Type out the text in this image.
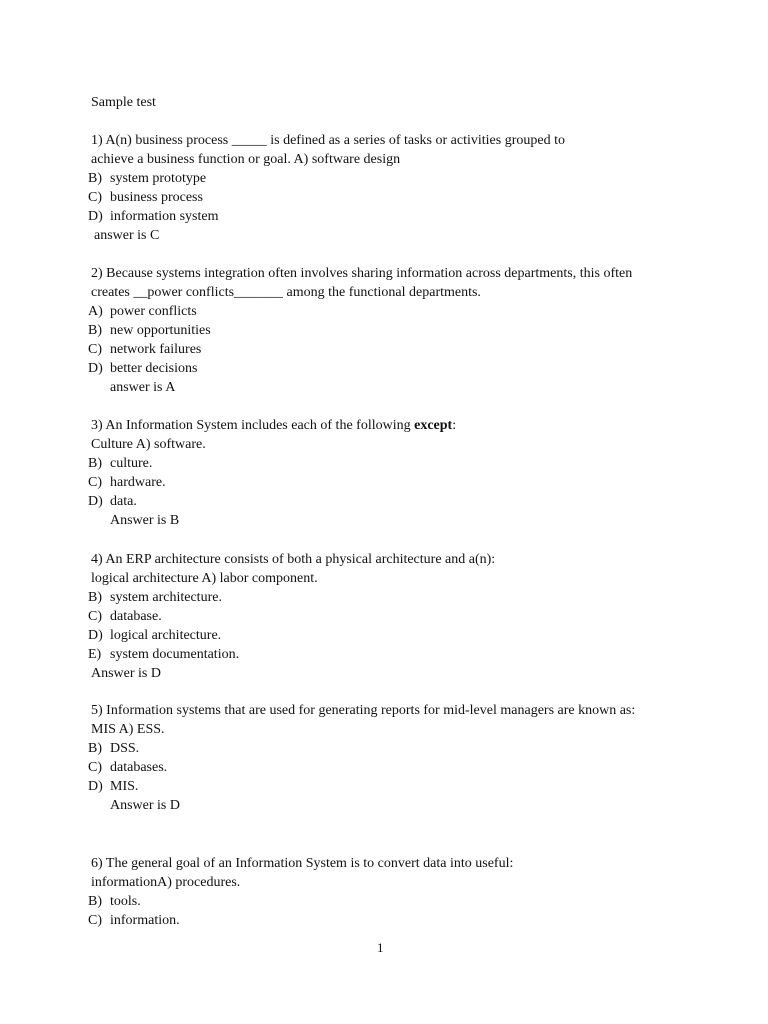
Sample test
1) A(n) business process _____ is defined as a series of tasks or activities grouped to
achieve a business function or goal. A) software design
B) system prototype
C) business process
D) information system
answer is C
2) Because systems integration often involves sharing information across departments, this often
creates __power conflicts_______ among the functional departments.
A) power conflicts
B) new opportunities
C) network failures
D) better decisions
answer is A
3) An Information System includes each of the following except:
Culture A) software.
B) culture.
C) hardware.
D) data.
Answer is B
4) An ERP architecture consists of both a physical architecture and a(n):
logical architecture A) labor component.
B) system architecture.
C) database.
D) logical architecture.
E) system documentation.
Answer is D
5) Information systems that are used for generating reports for mid-level managers are known as:
MIS A) ESS.
B) DSS.
C) databases.
D) MIS.
Answer is D
6) The general goal of an Information System is to convert data into useful:
informationA) procedures.
B) tools.
C) information.
1
